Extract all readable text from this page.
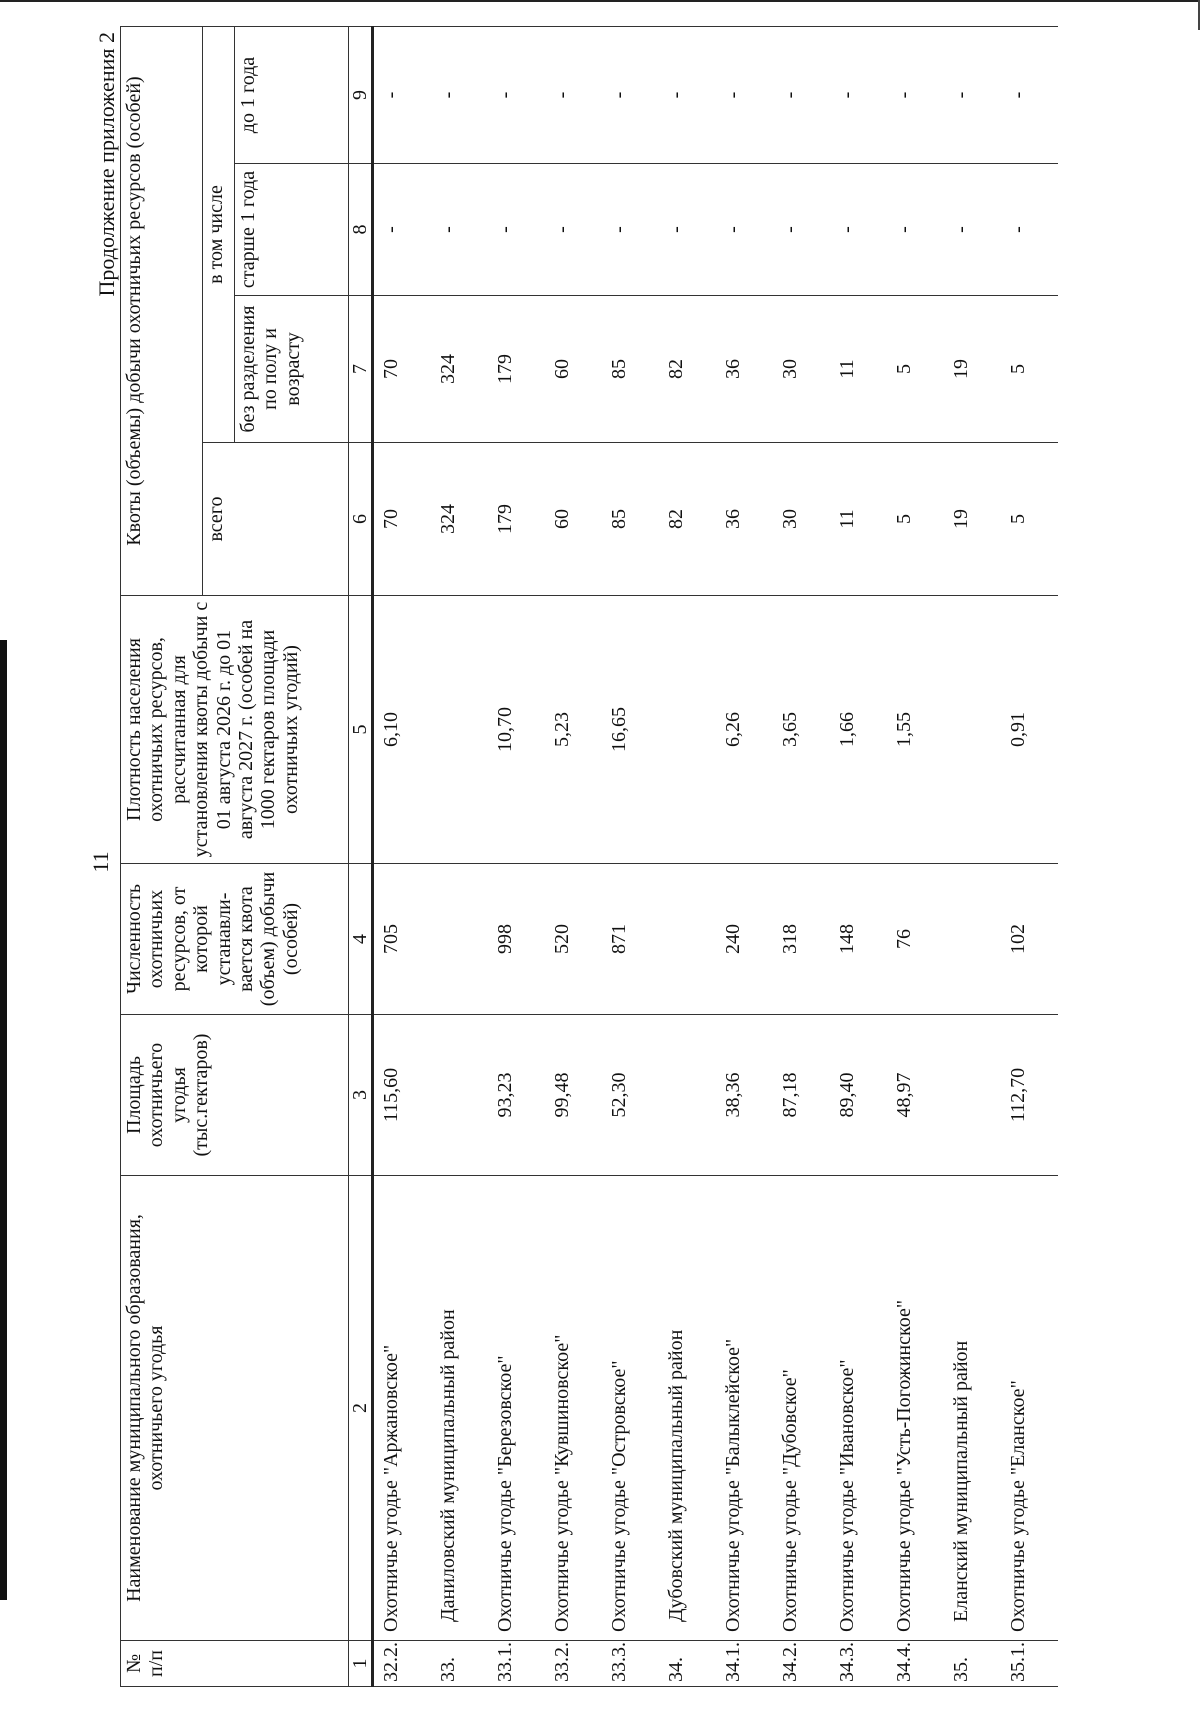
11
Продолжение приложения 2
№ п/п	Наименование муниципального образования, охотничьего угодья	Площадь охотничьего угодья (тыс.гектаров)	Численность охотничьих ресурсов, от которой устанавли-вается квота (объем) добычи (особей)	Плотность населения охотничьих ресурсов, рассчитанная для установления квоты добычи с 01 августа 2026 г. до 01 августа 2027 г. (особей на 1000 гектаров площади охотничьих угодий)	Квоты (объемы) добычи охотничьих ресурсов (особей)			
					всего	в том числе		
						без разделения по полу и возрасту	старше 1 года	до 1 года
1	2	3	4	5	6	7	8	9
32.2.	Охотничье угодье "Аржановское"	115,60	705	6,10	70	70	-	-
33.	Даниловский муниципальный район				324	324	-	-
33.1.	Охотничье угодье "Березовское"	93,23	998	10,70	179	179	-	-
33.2.	Охотничье угодье "Кувшиновское"	99,48	520	5,23	60	60	-	-
33.3.	Охотничье угодье "Островское"	52,30	871	16,65	85	85	-	-
34.	Дубовский муниципальный район				82	82	-	-
34.1.	Охотничье угодье "Балыклейское"	38,36	240	6,26	36	36	-	-
34.2.	Охотничье угодье "Дубовское"	87,18	318	3,65	30	30	-	-
34.3.	Охотничье угодье "Ивановское"	89,40	148	1,66	11	11	-	-
34.4.	Охотничье угодье "Усть-Погожинское"	48,97	76	1,55	5	5	-	-
35.	Еланский муниципальный район				19	19	-	-
35.1.	Охотничье угодье "Еланское"	112,70	102	0,91	5	5	-	-
